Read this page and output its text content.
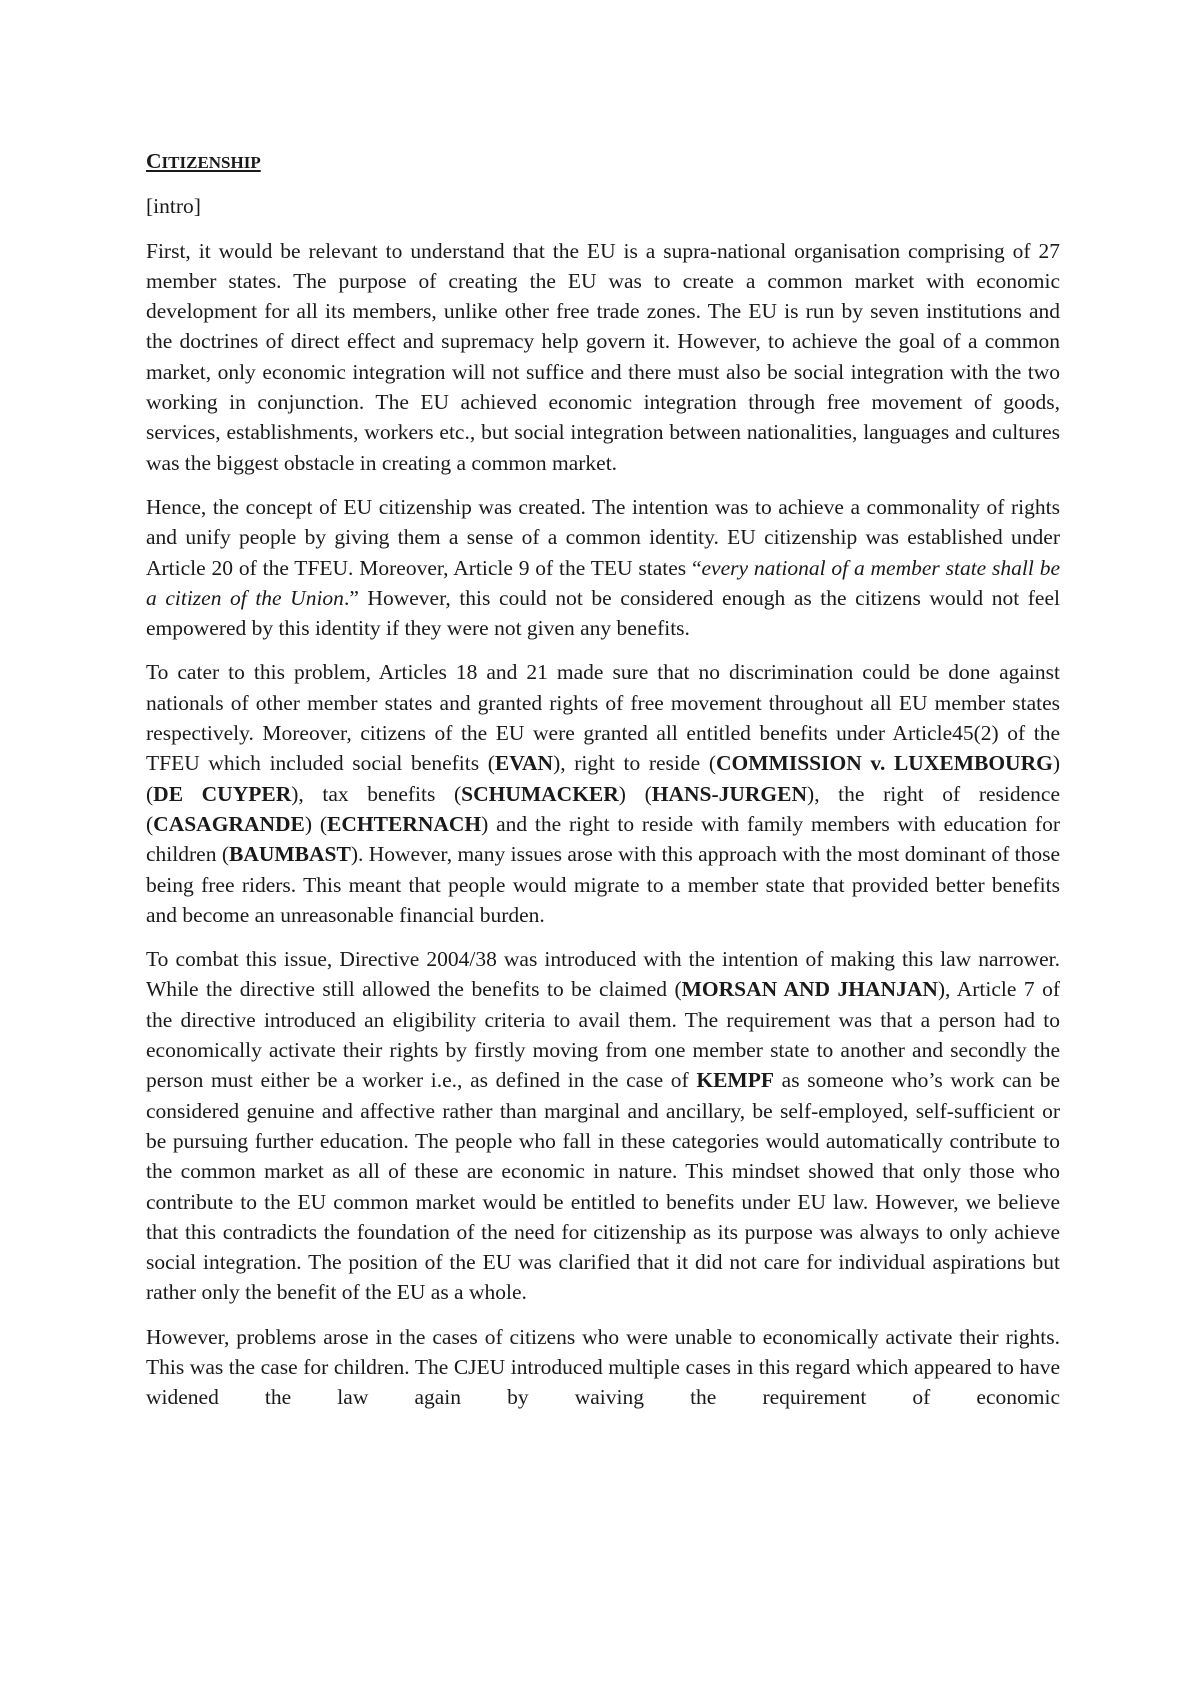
CITIZENSHIP
[intro]

First, it would be relevant to understand that the EU is a supra-national organisation comprising of 27 member states. The purpose of creating the EU was to create a common market with economic development for all its members, unlike other free trade zones. The EU is run by seven institutions and the doctrines of direct effect and supremacy help govern it. However, to achieve the goal of a common market, only economic integration will not suffice and there must also be social integration with the two working in conjunction. The EU achieved economic integration through free movement of goods, services, establishments, workers etc., but social integration between nationalities, languages and cultures was the biggest obstacle in creating a common market.

Hence, the concept of EU citizenship was created. The intention was to achieve a commonality of rights and unify people by giving them a sense of a common identity. EU citizenship was established under Article 20 of the TFEU. Moreover, Article 9 of the TEU states “every national of a member state shall be a citizen of the Union.” However, this could not be considered enough as the citizens would not feel empowered by this identity if they were not given any benefits.

To cater to this problem, Articles 18 and 21 made sure that no discrimination could be done against nationals of other member states and granted rights of free movement throughout all EU member states respectively. Moreover, citizens of the EU were granted all entitled benefits under Article45(2) of the TFEU which included social benefits (EVAN), right to reside (COMMISSION v. LUXEMBOURG) (DE CUYPER), tax benefits (SCHUMACKER) (HANS-JURGEN), the right of residence (CASAGRANDE) (ECHTERNACH) and the right to reside with family members with education for children (BAUMBAST). However, many issues arose with this approach with the most dominant of those being free riders. This meant that people would migrate to a member state that provided better benefits and become an unreasonable financial burden.

To combat this issue, Directive 2004/38 was introduced with the intention of making this law narrower. While the directive still allowed the benefits to be claimed (MORSAN AND JHANJAN), Article 7 of the directive introduced an eligibility criteria to avail them. The requirement was that a person had to economically activate their rights by firstly moving from one member state to another and secondly the person must either be a worker i.e., as defined in the case of KEMPF as someone who’s work can be considered genuine and affective rather than marginal and ancillary, be self-employed, self-sufficient or be pursuing further education. The people who fall in these categories would automatically contribute to the common market as all of these are economic in nature. This mindset showed that only those who contribute to the EU common market would be entitled to benefits under EU law. However, we believe that this contradicts the foundation of the need for citizenship as its purpose was always to only achieve social integration. The position of the EU was clarified that it did not care for individual aspirations but rather only the benefit of the EU as a whole.

However, problems arose in the cases of citizens who were unable to economically activate their rights. This was the case for children. The CJEU introduced multiple cases in this regard which appeared to have widened the law again by waiving the requirement of economic
